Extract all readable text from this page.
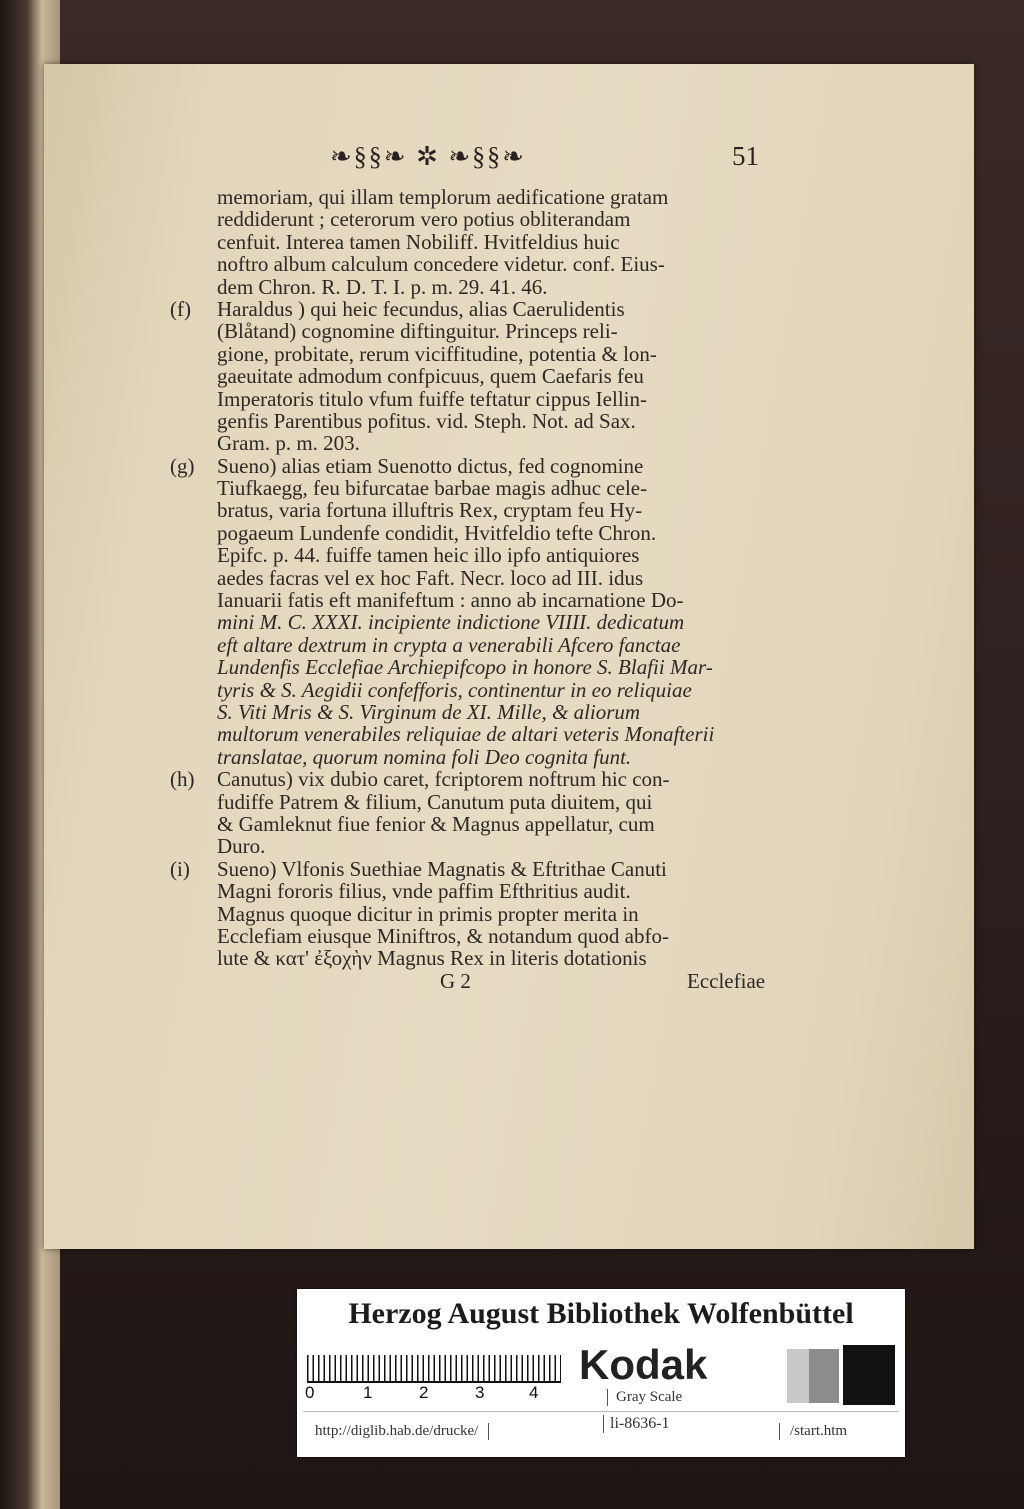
❧§§❧ ✲ ❧§§❧	51
memoriam, qui illam templorum aedificatione gratam
reddiderunt ; ceterorum vero potius obliterandam
cenfuit. Interea tamen Nobiliff. Hvitfeldius huic
noftro album calculum concedere videtur. conf. Eius-
dem Chron. R. D. T. I. p. m. 29. 41. 46.
(f)	Haraldus ) qui heic fecundus, alias Caerulidentis
(Blåtand) cognomine diftinguitur. Princeps reli-
gione, probitate, rerum viciffitudine, potentia & lon-
gaeuitate admodum confpicuus, quem Caefaris feu
Imperatoris titulo vfum fuiffe teftatur cippus Iellin-
genfis Parentibus pofitus. vid. Steph. Not. ad Sax.
Gram. p. m. 203.
(g)	Sueno) alias etiam Suenotto dictus, fed cognomine
Tiufkaegg, feu bifurcatae barbae magis adhuc cele-
bratus, varia fortuna illuftris Rex, cryptam feu Hy-
pogaeum Lundenfe condidit, Hvitfeldio tefte Chron.
Epifc. p. 44. fuiffe tamen heic illo ipfo antiquiores
aedes facras vel ex hoc Faft. Necr. loco ad III. idus
Ianuarii fatis eft manifeftum : anno ab incarnatione Do-
mini M. C. XXXI. incipiente indictione VIIII. dedicatum
eft altare dextrum in crypta a venerabili Afcero fanctae
Lundenfis Ecclefiae Archiepifcopo in honore S. Blafii Mar-
tyris & S. Aegidii confefforis, continentur in eo reliquiae
S. Viti Mris & S. Virginum de XI. Mille, & aliorum
multorum venerabiles reliquiae de altari veteris Monafterii
translatae, quorum nomina foli Deo cognita funt.
(h)	Canutus) vix dubio caret, fcriptorem noftrum hic con-
fudiffe Patrem & filium, Canutum puta diuitem, qui
& Gamleknut fiue fenior & Magnus appellatur, cum
Duro.
(i)	Sueno) Vlfonis Suethiae Magnatis & Eftrithae Canuti
Magni fororis filius, vnde paffim Efthritius audit.
Magnus quoque dicitur in primis propter merita in
Ecclefiam eiusque Miniftros, & notandum quod abfo-
lute & κατ' ἐξοχὴν Magnus Rex in literis dotationis
G 2	Ecclefiae
Herzog August Bibliothek Wolfenbüttel
0	1	2	3	4
Kodak
Gray Scale
http://diglib.hab.de/drucke/	li-8636-1	/start.htm
